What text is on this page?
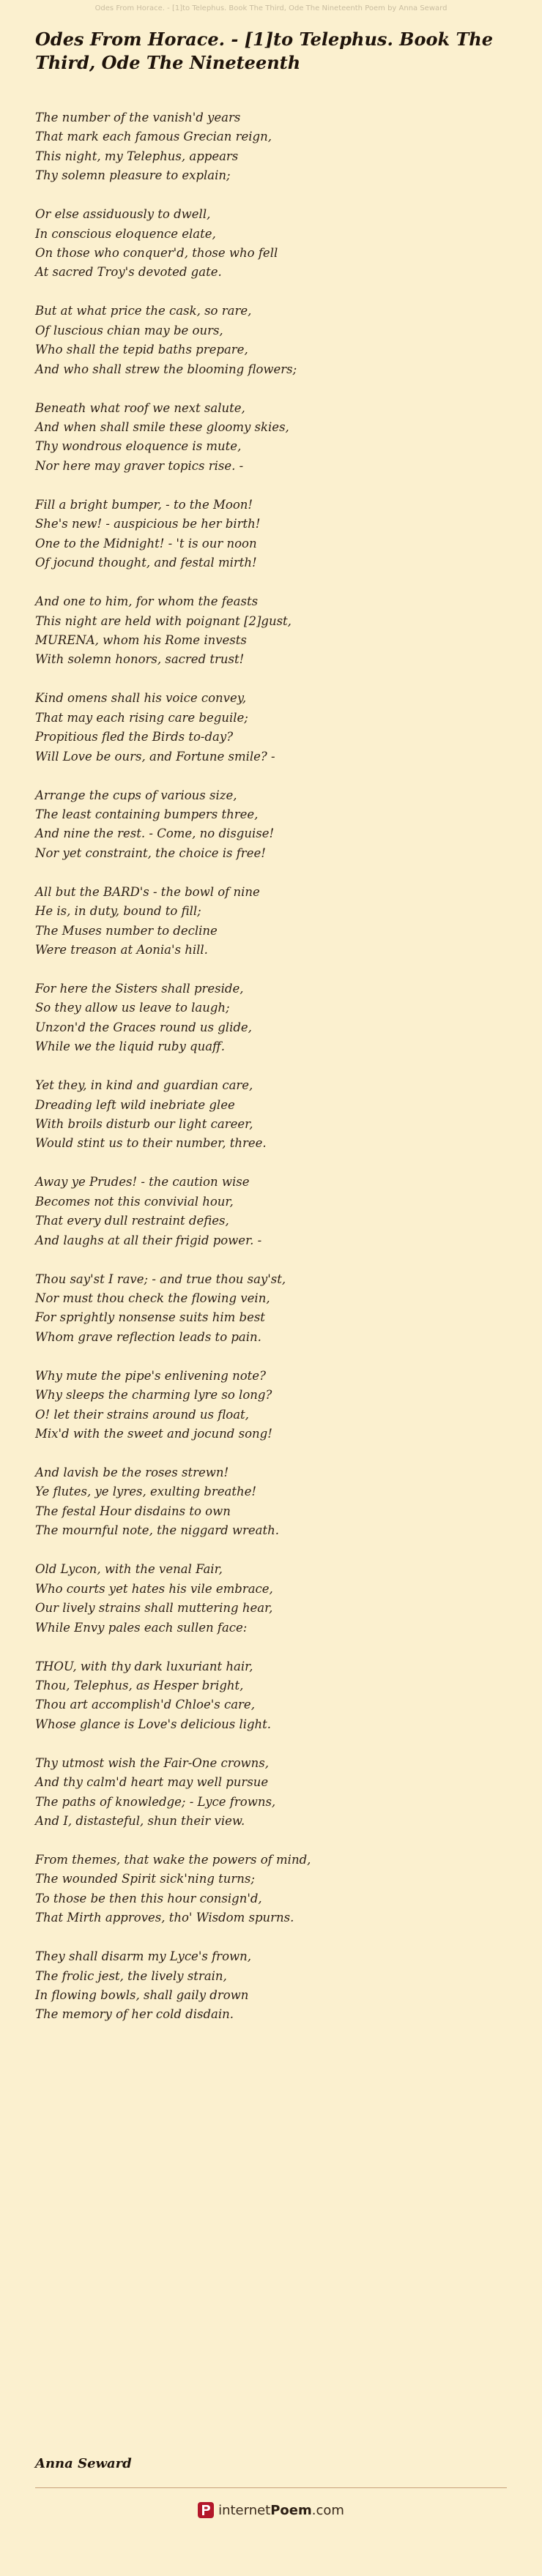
Odes From Horace. - [1]to Telephus. Book The Third, Ode The Nineteenth Poem by Anna Seward
Odes From Horace. - [1]to Telephus. Book The Third, Ode The Nineteenth
The number of the vanish'd years
That mark each famous Grecian reign,
This night, my Telephus, appears
Thy solemn pleasure to explain;
Or else assiduously to dwell,
In conscious eloquence elate,
On those who conquer'd, those who fell
At sacred Troy's devoted gate.
But at what price the cask, so rare,
Of luscious chian may be ours,
Who shall the tepid baths prepare,
And who shall strew the blooming flowers;
Beneath what roof we next salute,
And when shall smile these gloomy skies,
Thy wondrous eloquence is mute,
Nor here may graver topics rise. -
Fill a bright bumper, - to the Moon!
She's new! - auspicious be her birth!
One to the Midnight! - 't is our noon
Of jocund thought, and festal mirth!
And one to him, for whom the feasts
This night are held with poignant [2]gust,
MURENA, whom his Rome invests
With solemn honors, sacred trust!
Kind omens shall his voice convey,
That may each rising care beguile;
Propitious fled the Birds to-day?
Will Love be ours, and Fortune smile? -
Arrange the cups of various size,
The least containing bumpers three,
And nine the rest. - Come, no disguise!
Nor yet constraint, the choice is free!
All but the BARD's - the bowl of nine
He is, in duty, bound to fill;
The Muses number to decline
Were treason at Aonia's hill.
For here the Sisters shall preside,
So they allow us leave to laugh;
Unzon'd the Graces round us glide,
While we the liquid ruby quaff.
Yet they, in kind and guardian care,
Dreading left wild inebriate glee
With broils disturb our light career,
Would stint us to their number, three.
Away ye Prudes! - the caution wise
Becomes not this convivial hour,
That every dull restraint defies,
And laughs at all their frigid power. -
Thou say'st I rave; - and true thou say'st,
Nor must thou check the flowing vein,
For sprightly nonsense suits him best
Whom grave reflection leads to pain.
Why mute the pipe's enlivening note?
Why sleeps the charming lyre so long?
O! let their strains around us float,
Mix'd with the sweet and jocund song!
And lavish be the roses strewn!
Ye flutes, ye lyres, exulting breathe!
The festal Hour disdains to own
The mournful note, the niggard wreath.
Old Lycon, with the venal Fair,
Who courts yet hates his vile embrace,
Our lively strains shall muttering hear,
While Envy pales each sullen face:
THOU, with thy dark luxuriant hair,
Thou, Telephus, as Hesper bright,
Thou art accomplish'd Chloe's care,
Whose glance is Love's delicious light.
Thy utmost wish the Fair-One crowns,
And thy calm'd heart may well pursue
The paths of knowledge; - Lyce frowns,
And I, distasteful, shun their view.
From themes, that wake the powers of mind,
The wounded Spirit sick'ning turns;
To those be then this hour consign'd,
That Mirth approves, tho' Wisdom spurns.
They shall disarm my Lyce's frown,
The frolic jest, the lively strain,
In flowing bowls, shall gaily drown
The memory of her cold disdain.
Anna Seward
internetPoem.com
